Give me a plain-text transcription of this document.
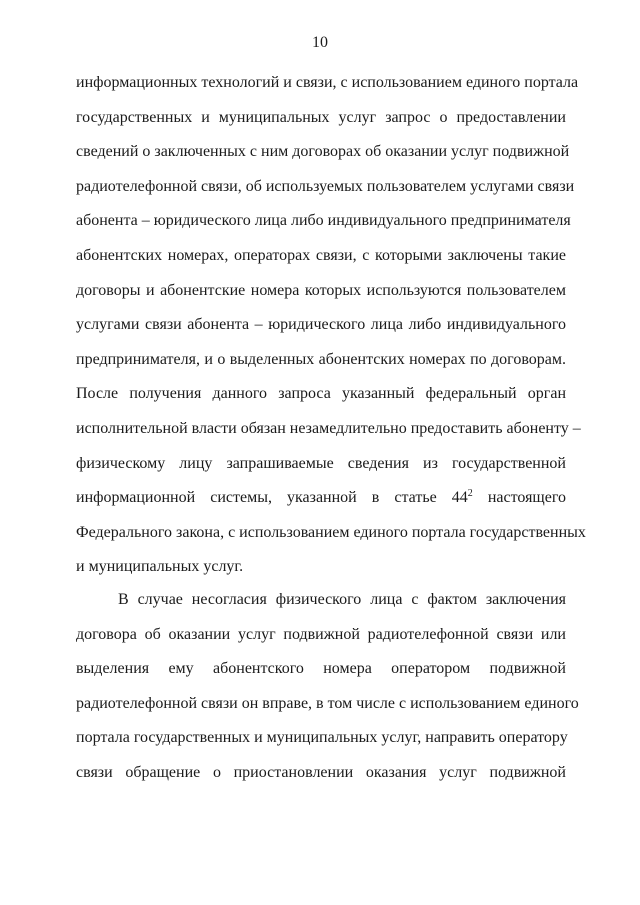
10
информационных технологий и связи, с использованием единого портала
государственных и муниципальных услуг запрос о предоставлении
сведений о заключенных с ним договорах об оказании услуг подвижной
радиотелефонной связи, об используемых пользователем услугами связи
абонента – юридического лица либо индивидуального предпринимателя
абонентских номерах, операторах связи, с которыми заключены такие
договоры и абонентские номера которых используются пользователем
услугами связи абонента – юридического лица либо индивидуального
предпринимателя, и о выделенных абонентских номерах по договорам.
После получения данного запроса указанный федеральный орган
исполнительной власти обязан незамедлительно предоставить абоненту –
физическому лицу запрашиваемые сведения из государственной
информационной системы, указанной в статье $44^2$ настоящего
Федерального закона, с использованием единого портала государственных
и муниципальных услуг.
В случае несогласия физического лица с фактом заключения
договора об оказании услуг подвижной радиотелефонной связи или
выделения ему абонентского номера оператором подвижной
радиотелефонной связи он вправе, в том числе с использованием единого
портала государственных и муниципальных услуг, направить оператору
связи обращение о приостановлении оказания услуг подвижной
